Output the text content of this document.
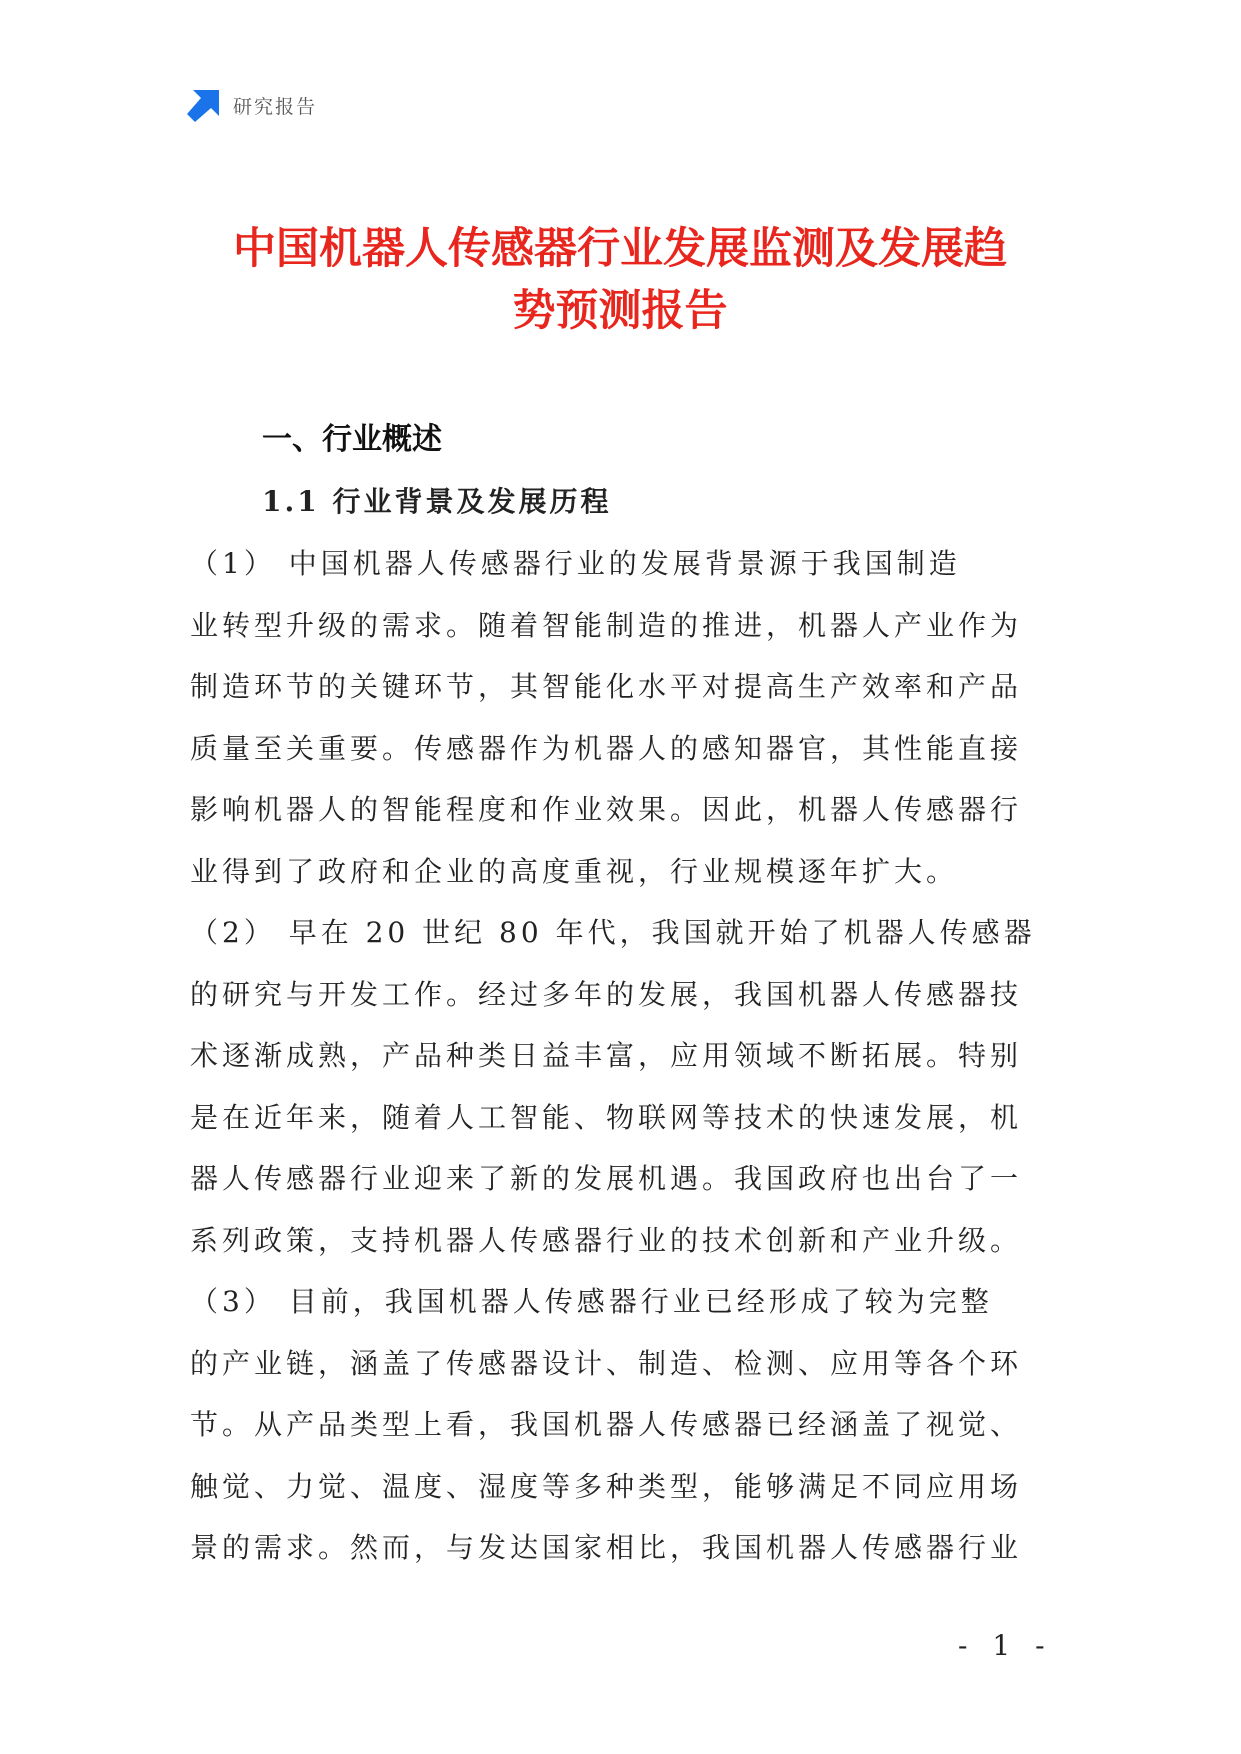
研究报告
中国机器人传感器行业发展监测及发展趋
势预测报告
一、行业概述
1.1 行业背景及发展历程

（1） 中国机器人传感器行业的发展背景源于我国制造
业转型升级的需求。随着智能制造的推进，机器人产业作为
制造环节的关键环节，其智能化水平对提高生产效率和产品
质量至关重要。传感器作为机器人的感知器官，其性能直接
影响机器人的智能程度和作业效果。因此，机器人传感器行
业得到了政府和企业的高度重视，行业规模逐年扩大。

（2） 早在 20 世纪 80 年代，我国就开始了机器人传感器
的研究与开发工作。经过多年的发展，我国机器人传感器技
术逐渐成熟，产品种类日益丰富，应用领域不断拓展。特别
是在近年来，随着人工智能、物联网等技术的快速发展，机
器人传感器行业迎来了新的发展机遇。我国政府也出台了一
系列政策，支持机器人传感器行业的技术创新和产业升级。

（3） 目前，我国机器人传感器行业已经形成了较为完整
的产业链，涵盖了传感器设计、制造、检测、应用等各个环
节。从产品类型上看，我国机器人传感器已经涵盖了视觉、
触觉、力觉、温度、湿度等多种类型，能够满足不同应用场
景的需求。然而，与发达国家相比，我国机器人传感器行业

- 1 -
